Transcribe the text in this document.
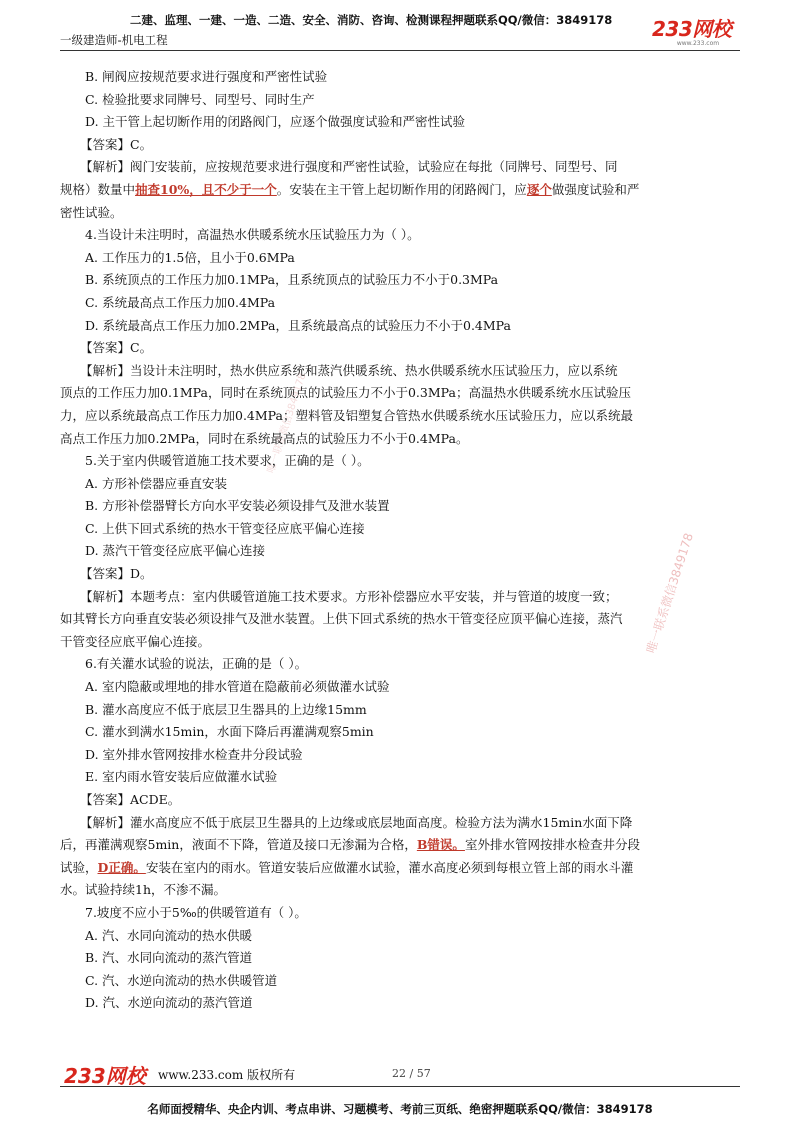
二建、监理、一建、一造、二造、安全、消防、咨询、检测课程押题联系QQ/微信：3849178
一级建造师-机电工程	233网校
www.233.com
唯一联系微信3849178
唯一联系微信3849178
B. 闸阀应按规范要求进行强度和严密性试验
C. 检验批要求同牌号、同型号、同时生产
D. 主干管上起切断作用的闭路阀门，应逐个做强度试验和严密性试验
【答案】C。
【解析】阀门安装前，应按规范要求进行强度和严密性试验，试验应在每批（同牌号、同型号、同
规格）数量中抽查10%，且不少于一个。安装在主干管上起切断作用的闭路阀门，应逐个做强度试验和严
密性试验。
4.当设计未注明时，高温热水供暖系统水压试验压力为（ ）。
A. 工作压力的1.5倍，且小于0.6MPa
B. 系统顶点的工作压力加0.1MPa，且系统顶点的试验压力不小于0.3MPa
C. 系统最高点工作压力加0.4MPa
D. 系统最高点工作压力加0.2MPa，且系统最高点的试验压力不小于0.4MPa
【答案】C。
【解析】当设计未注明时，热水供应系统和蒸汽供暖系统、热水供暖系统水压试验压力，应以系统
顶点的工作压力加0.1MPa，同时在系统顶点的试验压力不小于0.3MPa；高温热水供暖系统水压试验压
力，应以系统最高点工作压力加0.4MPa；塑料管及铝塑复合管热水供暖系统水压试验压力，应以系统最
高点工作压力加0.2MPa，同时在系统最高点的试验压力不小于0.4MPa。
5.关于室内供暖管道施工技术要求，正确的是（ ）。
A. 方形补偿器应垂直安装
B. 方形补偿器臂长方向水平安装必须设排气及泄水装置
C. 上供下回式系统的热水干管变径应底平偏心连接
D. 蒸汽干管变径应底平偏心连接
【答案】D。
【解析】本题考点：室内供暖管道施工技术要求。方形补偿器应水平安装，并与管道的坡度一致；
如其臂长方向垂直安装必须设排气及泄水装置。上供下回式系统的热水干管变径应顶平偏心连接，蒸汽
干管变径应底平偏心连接。
6.有关灌水试验的说法，正确的是（ ）。
A. 室内隐蔽或埋地的排水管道在隐蔽前必须做灌水试验
B. 灌水高度应不低于底层卫生器具的上边缘15mm
C. 灌水到满水15min，水面下降后再灌满观察5min
D. 室外排水管网按排水检查井分段试验
E. 室内雨水管安装后应做灌水试验
【答案】ACDE。
【解析】灌水高度应不低于底层卫生器具的上边缘或底层地面高度。检验方法为满水15min水面下降
后，再灌满观察5min，液面不下降，管道及接口无渗漏为合格，B错误。室外排水管网按排水检查井分段
试验，D正确。安装在室内的雨水。管道安装后应做灌水试验，灌水高度必须到每根立管上部的雨水斗灌
水。试验持续1h，不渗不漏。
7.坡度不应小于5‰的供暖管道有（ ）。
A. 汽、水同向流动的热水供暖
B. 汽、水同向流动的蒸汽管道
C. 汽、水逆向流动的热水供暖管道
D. 汽、水逆向流动的蒸汽管道
233网校 www.233.com 版权所有	22 / 57
名师面授精华、央企内训、考点串讲、习题模考、考前三页纸、绝密押题联系QQ/微信：3849178
